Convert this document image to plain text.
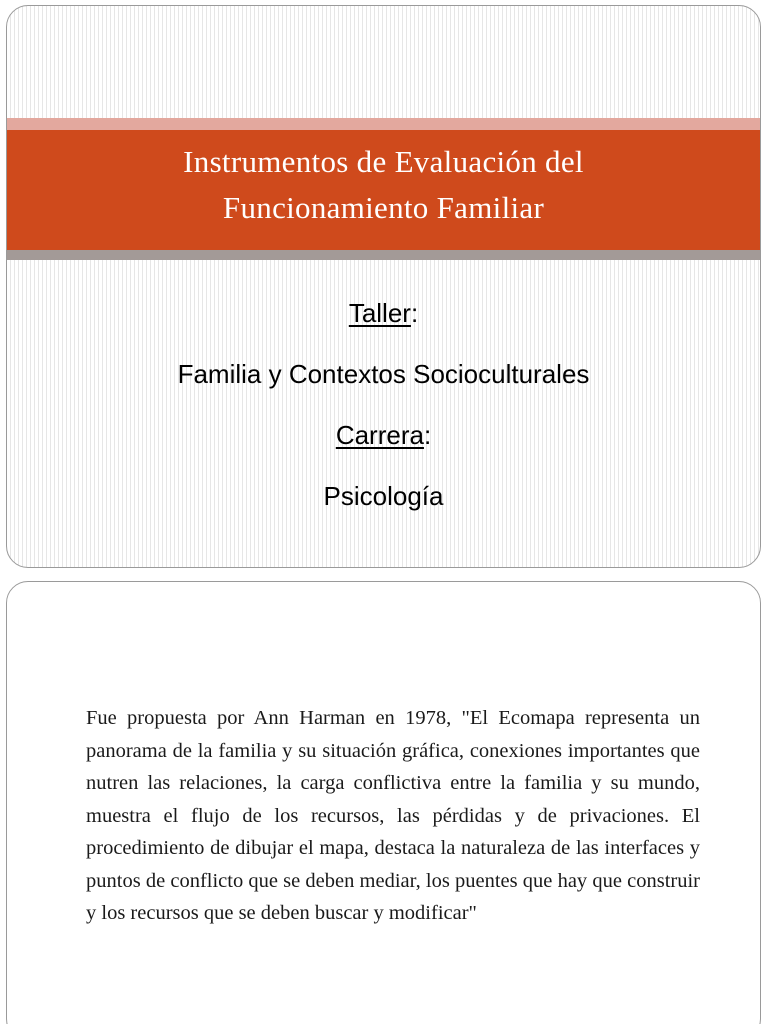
Instrumentos de Evaluación del
Funcionamiento Familiar
Taller:
Familia y Contextos Socioculturales
Carrera:
Psicología
Fue propuesta por Ann Harman en 1978, "El Ecomapa representa un panorama de la familia y su situación gráfica, conexiones importantes que nutren las relaciones, la carga conflictiva entre la familia y su mundo, muestra el flujo de los recursos, las pérdidas y de privaciones. El procedimiento de dibujar el mapa, destaca la naturaleza de las interfaces y puntos de conflicto que se deben mediar, los puentes que hay que construir y los recursos que se deben buscar y modificar"
